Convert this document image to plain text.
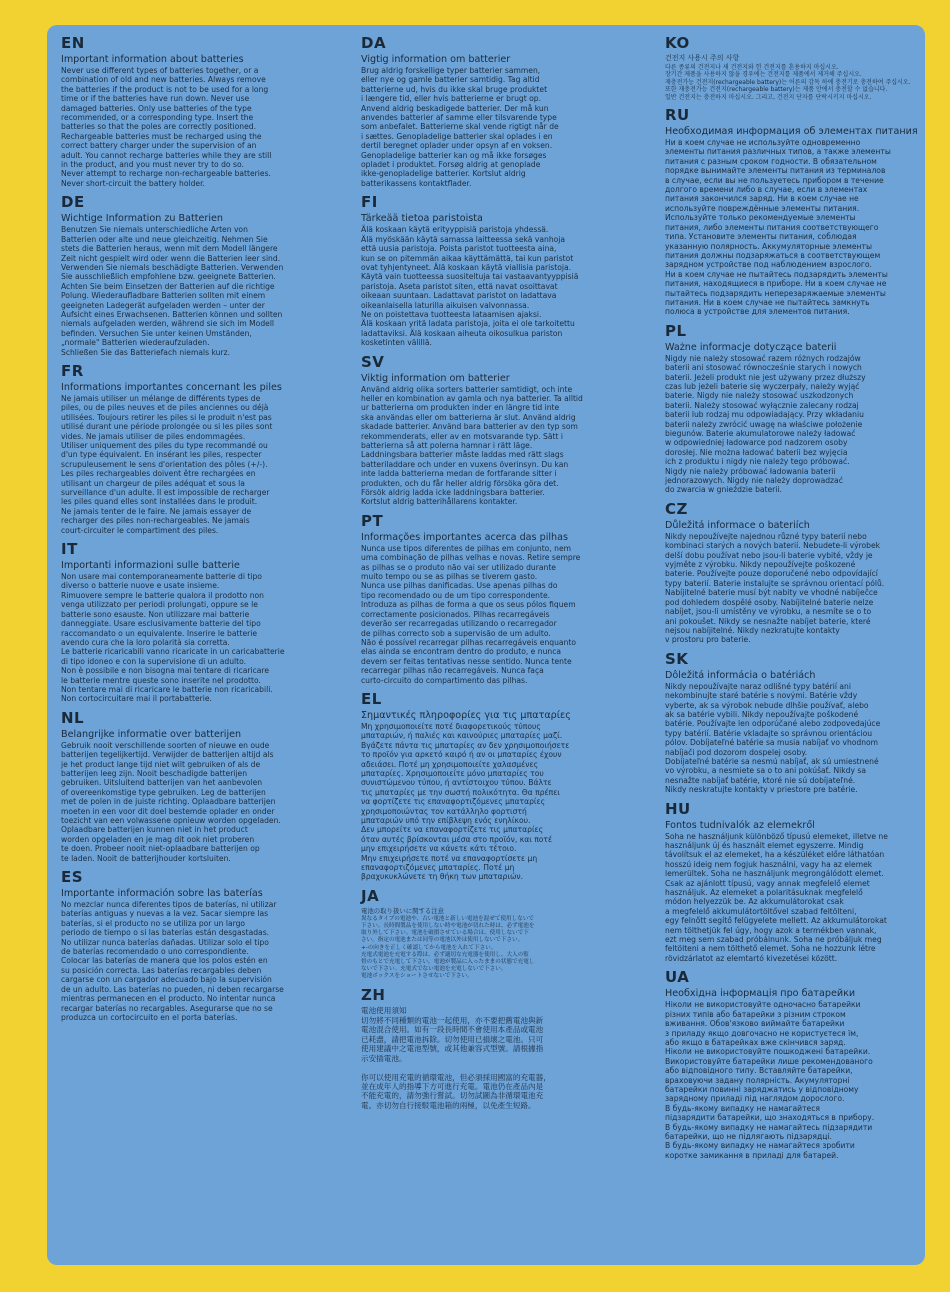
EN
Important information about batteries
Never use different types of batteries together, or a
combination of old and new batteries. Always remove
the batteries if the product is not to be used for a long
time or if the batteries have run down. Never use
damaged batteries. Only use batteries of the type
recommended, or a corresponding type. Insert the
batteries so that the poles are correctly positioned.
Rechargeable batteries must be recharged using the
correct battery charger under the supervision of an
adult. You cannot recharge batteries while they are still
in the product, and you must never try to do so.
Never attempt to recharge non-rechargeable batteries.
Never short-circuit the battery holder.
DE
Wichtige Information zu Batterien
Benutzen Sie niemals unterschiedliche Arten von
Batterien oder alte und neue gleichzeitig. Nehmen Sie
stets die Batterien heraus, wenn mit dem Modell längere
Zeit nicht gespielt wird oder wenn die Batterien leer sind.
Verwenden Sie niemals beschädigte Batterien. Verwenden
Sie ausschließlich empfohlene bzw. geeignete Batterien.
Achten Sie beim Einsetzen der Batterien auf die richtige
Polung. Wiederaufladbare Batterien sollten mit einem
geeigneten Ladegerät aufgeladen werden – unter der
Aufsicht eines Erwachsenen. Batterien können und sollten
niemals aufgeladen werden, während sie sich im Modell
befinden. Versuchen Sie unter keinen Umständen,
„normale" Batterien wiederaufzuladen.
Schließen Sie das Batteriefach niemals kurz.
FR
Informations importantes concernant les piles
Ne jamais utiliser un mélange de différents types de
piles, ou de piles neuves et de piles anciennes ou déjà
utilisées. Toujours retirer les piles si le produit n'est pas
utilisé durant une période prolongée ou si les piles sont
vides. Ne jamais utiliser de piles endommagées.
Utiliser uniquement des piles du type recommandé ou
d'un type équivalent. En insérant les piles, respecter
scrupuleusement le sens d'orientation des pôles (+/-).
Les piles rechargeables doivent être rechargées en
utilisant un chargeur de piles adéquat et sous la
surveillance d'un adulte. Il est impossible de recharger
les piles quand elles sont installées dans le produit.
Ne jamais tenter de le faire. Ne jamais essayer de
recharger des piles non-rechargeables. Ne jamais
court-circuiter le compartiment des piles.
IT
Importanti informazioni sulle batterie
Non usare mai contemporaneamente batterie di tipo
diverso o batterie nuove e usate insieme.
Rimuovere sempre le batterie qualora il prodotto non
venga utilizzato per periodi prolungati, oppure se le
batterie sono esauste. Non utilizzare mai batterie
danneggiate. Usare esclusivamente batterie del tipo
raccomandato o un equivalente. Inserire le batterie
avendo cura che la loro polarità sia corretta.
Le batterie ricaricabili vanno ricaricate in un caricabatterie
di tipo idoneo e con la supervisione di un adulto.
Non è possibile e non bisogna mai tentare di ricaricare
le batterie mentre queste sono inserite nel prodotto.
Non tentare mai di ricaricare le batterie non ricaricabili.
Non cortocircuitare mai il portabatterie.
NL
Belangrijke informatie over batterijen
Gebruik nooit verschillende soorten of nieuwe en oude
batterijen tegelijkertijd. Verwijder de batterijen altijd als
je het product lange tijd niet wilt gebruiken of als de
batterijen leeg zijn. Nooit beschadigde batterijen
gebruiken. Uitsluitend batterijen van het aanbevolen
of overeenkomstige type gebruiken. Leg de batterijen
met de polen in de juiste richting. Oplaadbare batterijen
moeten in een voor dit doel bestemde oplader en onder
toezicht van een volwassene opnieuw worden opgeladen.
Oplaadbare batterijen kunnen niet in het product
worden opgeladen en je mag dit ook niet proberen
te doen. Probeer nooit niet-oplaadbare batterijen op
te laden. Nooit de batterijhouder kortsluiten.
ES
Importante información sobre las baterías
No mezclar nunca diferentes tipos de baterías, ni utilizar
baterías antiguas y nuevas a la vez. Sacar siempre las
baterías, si el producto no se utiliza por un largo
periodo de tiempo o si las baterías están desgastadas.
No utilizar nunca baterías dañadas. Utilizar solo el tipo
de baterías recomendado o uno correspondiente.
Colocar las baterías de manera que los polos estén en
su posición correcta. Las baterías recargables deben
cargarse con un cargador adecuado bajo la supervisión
de un adulto. Las baterías no pueden, ni deben recargarse
mientras permanecen en el producto. No intentar nunca
recargar baterías no recargables. Asegurarse que no se
produzca un cortocircuito en el porta baterías.
DA
Vigtig information om batterier
Brug aldrig forskellige typer batterier sammen,
eller nye og gamle batterier samtidig. Tag altid
batterierne ud, hvis du ikke skal bruge produktet
i længere tid, eller hvis batterierne er brugt op.
Anvend aldrig beskadigede batterier. Der må kun
anvendes batterier af samme eller tilsvarende type
som anbefalet. Batterierne skal vende rigtigt når de
i sættes. Genopladelige batterier skal oplades i en
dertil beregnet oplader under opsyn af en voksen.
Genopladelige batterier kan og må ikke forsøges
opladet i produktet. Forsøg aldrig at genoplade
ikke-genopladelige batterier. Kortslut aldrig
batterikassens kontaktflader.
FI
Tärkeää tietoa paristoista
Älä koskaan käytä erityyppisiä paristoja yhdessä.
Älä myöskään käytä samassa laitteessa sekä vanhoja
että uusia paristoja. Poista paristot tuotteesta aina,
kun se on pitemmän aikaa käyttämättä, tai kun paristot
ovat tyhjentyneet. Älä koskaan käytä viallisia paristoja.
Käytä vain tuotteessa suositeltuja tai vastaavantyyppisiä
paristoja. Aseta paristot siten, että navat osoittavat
oikeaan suuntaan. Ladattavat paristot on ladattava
oikeanlaisella laturilla aikuisen valvonnassa.
Ne on poistettava tuotteesta lataamisen ajaksi.
Älä koskaan yritä ladata paristoja, joita ei ole tarkoitettu
ladattaviksi. Älä koskaan aiheuta oikosulkua pariston
kosketinten välillä.
SV
Viktig information om batterier
Använd aldrig olika sorters batterier samtidigt, och inte
heller en kombination av gamla och nya batterier. Ta alltid
ur batterierna om produkten inder en längre tid inte
ska användas eller om batterierna är slut. Använd aldrig
skadade batterier. Använd bara batterier av den typ som
rekommenderats, eller av en motsvarande typ. Sätt i
batterierna så att polerna hamnar i rätt läge.
Laddningsbara batterier måste laddas med rätt slags
batteriladdare och under en vuxens överinsyn. Du kan
inte ladda batterierna medan de fortfarande sitter i
produkten, och du får heller aldrig försöka göra det.
Försök aldrig ladda icke laddningsbara batterier.
Kortslut aldrig batterihållarens kontakter.
PT
Informações importantes acerca das pilhas
Nunca use tipos diferentes de pilhas em conjunto, nem
uma combinação de pilhas velhas e novas. Retire sempre
as pilhas se o produto não vai ser utilizado durante
muito tempo ou se as pilhas se tiverem gasto.
Nunca use pilhas danificadas. Use apenas pilhas do
tipo recomendado ou de um tipo correspondente.
Introduza as pilhas de forma a que os seus pólos fiquem
correctamente posicionados. Pilhas recarregáveis
deverão ser recarregadas utilizando o recarregador
de pilhas correcto sob a supervisão de um adulto.
Não é possível recarregar pilhas recarregáveis enquanto
elas ainda se encontram dentro do produto, e nunca
devem ser feitas tentativas nesse sentido. Nunca tente
recarregar pilhas não recarregáveis. Nunca faça
curto-circuito do compartimento das pilhas.
EL
Σημαντικές πληροφορίες για τις μπαταρίες
Μη χρησιμοποιείτε ποτέ διαφορετικούς τύπους
μπαταριών, ή παλιές και καινούριες μπαταρίες μαζί.
Βγάζετε πάντα τις μπαταρίες αν δεν χρησιμοποιήσετε
το προϊόν για αρκετό καιρό ή αν οι μπαταρίες έχουν
αδειάσει. Ποτέ μη χρησιμοποιείτε χαλασμένες
μπαταρίες. Χρησιμοποιείτε μόνο μπαταρίες του
συνιστώμενου τύπου, ή αντίστοιχου τύπου. Βάλτε
τις μπαταρίες με την σωστή πολικότητα. Θα πρέπει
να φορτίζετε τις επαναφορτιζόμενες μπαταρίες
χρησιμοποιώντας τον κατάλληλο φορτιστή
μπαταριών υπό την επίβλεψη ενός ενηλίκου.
Δεν μπορείτε να επαναφορτίζετε τις μπαταρίες
όταν αυτές βρίσκονται μέσα στο προϊόν, και ποτέ
μην επιχειρήσετε να κάνετε κάτι τέτοιο.
Μην επιχειρήσετε ποτέ να επαναφορτίσετε μη
επαναφορτιζόμενες μπαταρίες. Ποτέ μη
βραχυκυκλώνετε τη θήκη των μπαταριών.
JA
電池の取り扱いに関する注意
異なるタイプの電池や、古い電池と新しい電池を混ぜて使用しないで
下さい。長時間製品を使用しない時や電池が切れた時は、必ず電池を
取り外して下さい。電池を破損させている場合は、使用しないで下
さい。指定の電池または同等の電池以外は使用しないで下さい。
+-の向きを正しく確認してから電池を入れて下さい。
充電式電池を充電する際は、必ず適切な充電器を使用し、大人の監
督のもとで充電して下さい。電池が製品に入ったままの状態で充電し
ないで下さい。充電式でない電池を充電しないで下さい。
電池ボックスをショートさせないで下さい。
ZH
電池使用須知
切勿將不同種類的電池一起使用，亦不要把舊電池與新
電池混合使用。如有一段長時間不會使用本產品或電池
已耗盡，請把電池拆除。切勿使用已損壞之電池。只可
使用建議中之電池型號，或其他兼容式型號。請根據指
示安插電池。

你可以使用充電的循環電池，但必須採用國富的充電器，
並在成年人的指導下方可進行充電。電池仍在產品內是
不能充電的，請勿強行嘗試。切勿試圖為非循環電池充
電。亦切勿自行接駁電池箱的兩極，以免產生短路。
KO
건전지 사용시 주의 사항
다른 종류의 건전지나 새 건전지와 헌 건전지를 혼용하지 마십시오.
장기간 제품을 사용하지 않을 경우에는 건전지를 제품에서 제거해 주십시오.
재충전가능 건전지(rechargeable battery)는 어른의 감독 하에 충전기로 충전하여 주십시오.
또한 재충전가능 건전지(rechargeable battery)는 제품 안에서 충전할 수 없습니다.
일반 건전지는 충전하지 마십시오. 그리고, 건전지 단자를 단락시키지 마십시오.
RU
Необходимая информация об элементах питания
Ни в коем случае не используйте одновременно
элементы питания различных типов, а также элементы
питания с разным сроком годности. В обязательном
порядке вынимайте элементы питания из терминалов
в случае, если вы не пользуетесь прибором в течение
долгого времени либо в случае, если в элементах
питания закончился заряд. Ни в коем случае не
используйте повреждённые элементы питания.
Используйте только рекомендуемые элементы
питания, либо элементы питания соответствующего
типа. Установите элементы питания, соблюдая
указанную полярность. Аккумуляторные элементы
питания должны подзаряжаться в соответствующем
зарядном устройстве под наблюдением взрослого.
Ни в коем случае не пытайтесь подзарядить элементы
питания, находящиеся в приборе. Ни в коем случае не
пытайтесь подзарядить неперезаряжаемые элементы
питания. Ни в коем случае не пытайтесь замкнуть
полюса в устройстве для элементов питания.
PL
Ważne informacje dotyczące baterii
Nigdy nie należy stosować razem różnych rodzajów
baterii ani stosować równocześnie starych i nowych
baterii. Jeżeli produkt nie jest używany przez dłuższy
czas lub jeżeli baterie się wyczerpały, należy wyjąć
baterie. Nigdy nie należy stosować uszkodzonych
baterii. Należy stosować wyłącznie zalecany rodzaj
baterii lub rodzaj mu odpowiadający. Przy wkładaniu
baterii należy zwrócić uwagę na właściwe położenie
biegunów. Baterie akumulatorowe należy ładować
w odpowiedniej ładowarce pod nadzorem osoby
dorosłej. Nie można ładować baterii bez wyjęcia
ich z produktu i nigdy nie należy tego próbować.
Nigdy nie należy próbować ładowania baterii
jednorazowych. Nigdy nie należy doprowadzać
do zwarcia w gnieździe baterii.
CZ
Důležitá informace o bateriích
Nikdy nepoužívejte najednou různé typy baterií nebo
kombinaci starých a nových baterií. Nebudete-li výrobek
delší dobu používat nebo jsou-li baterie vybité, vždy je
vyjměte z výrobku. Nikdy nepoužívejte poškozené
baterie. Používejte pouze doporučené nebo odpovídající
typy baterií. Baterie instalujte se správnou orientací pólů.
Nabíjitelné baterie musí být nabity ve vhodné nabíječce
pod dohledem dospělé osoby. Nabíjitelné baterie nelze
nabíjet, jsou-li umístěny ve výrobku, a nesmíte se o to
ani pokoušet. Nikdy se nesnažte nabíjet baterie, které
nejsou nabíjitelné. Nikdy nezkratujte kontakty
v prostoru pro baterie.
SK
Dôležitá informácia o batériách
Nikdy nepoužívajte naraz odlišné typy batérií ani
nekombinujte staré batérie s novými. Batérie vždy
vyberte, ak sa výrobok nebude dlhšie používať, alebo
ak sa batérie vybili. Nikdy nepoužívajte poškodené
batérie. Používajte len odporúčané alebo zodpovedajúce
typy batérií. Batérie vkladajte so správnou orientáciou
pólov. Dobíjateľné batérie sa musia nabíjať vo vhodnom
nabíjači pod dozorom dospelej osoby.
Dobíjateľné batérie sa nesmú nabíjať, ak sú umiestnené
vo výrobku, a nesmiete sa o to ani pokúšať. Nikdy sa
nesnažte nabíjať batérie, ktoré nie sú dobíjateľné.
Nikdy neskratujte kontakty v priestore pre batérie.
HU
Fontos tudnivalók az elemekről
Soha ne használjunk különböző típusú elemeket, illetve ne
használjunk új és használt elemet egyszerre. Mindig
távolítsuk el az elemeket, ha a készüléket előre láthatóan
hosszú ideig nem fogjuk használni, vagy ha az elemek
lemerültek. Soha ne használjunk megrongálódott elemet.
Csak az ajánlott típusú, vagy annak megfelelő elemet
használjuk. Az elemeket a polaritásuknak megfelelő
módon helyezzük be. Az akkumulátorokat csak
a megfelelő akkumulátortöltővel szabad feltölteni,
egy felnőtt segítő felügyelete mellett. Az akkumulátorokat
nem tölthetjük fel úgy, hogy azok a termékben vannak,
ezt meg sem szabad próbálnunk. Soha ne próbáljuk meg
feltölteni a nem tölthető elemet. Soha ne hozzunk létre
rövidzárlatot az elemtartó kivezetései között.
UA
Необхідна інформація про батарейки
Ніколи не використовуйте одночасно батарейки
різних типів або батарейки з різним строком
вживання. Обов'язково виймайте батарейки
з приладу якщо довгочасно не користуєтеся їм,
або якщо в батарейках вже скінчився заряд.
Ніколи не використовуйте пошкоджені батарейки.
Використовуйте батарейки лише рекомендованого
або відповідного типу. Вставляйте батарейки,
враховуючи задану полярність. Акумуляторні
батарейки повинні заряджатись у відповідному
зарядному приладі під наглядом дорослого.
В будь-якому випадку не намагайтеся
підзарядити батарейки, що знаходяться в прибору.
В будь-якому випадку не намагайтесь підзарядити
батарейки, що не підлягають підзарядці.
В будь-якому випадку не намагайтеся зробити
коротке замикання в приладі для батарей.
